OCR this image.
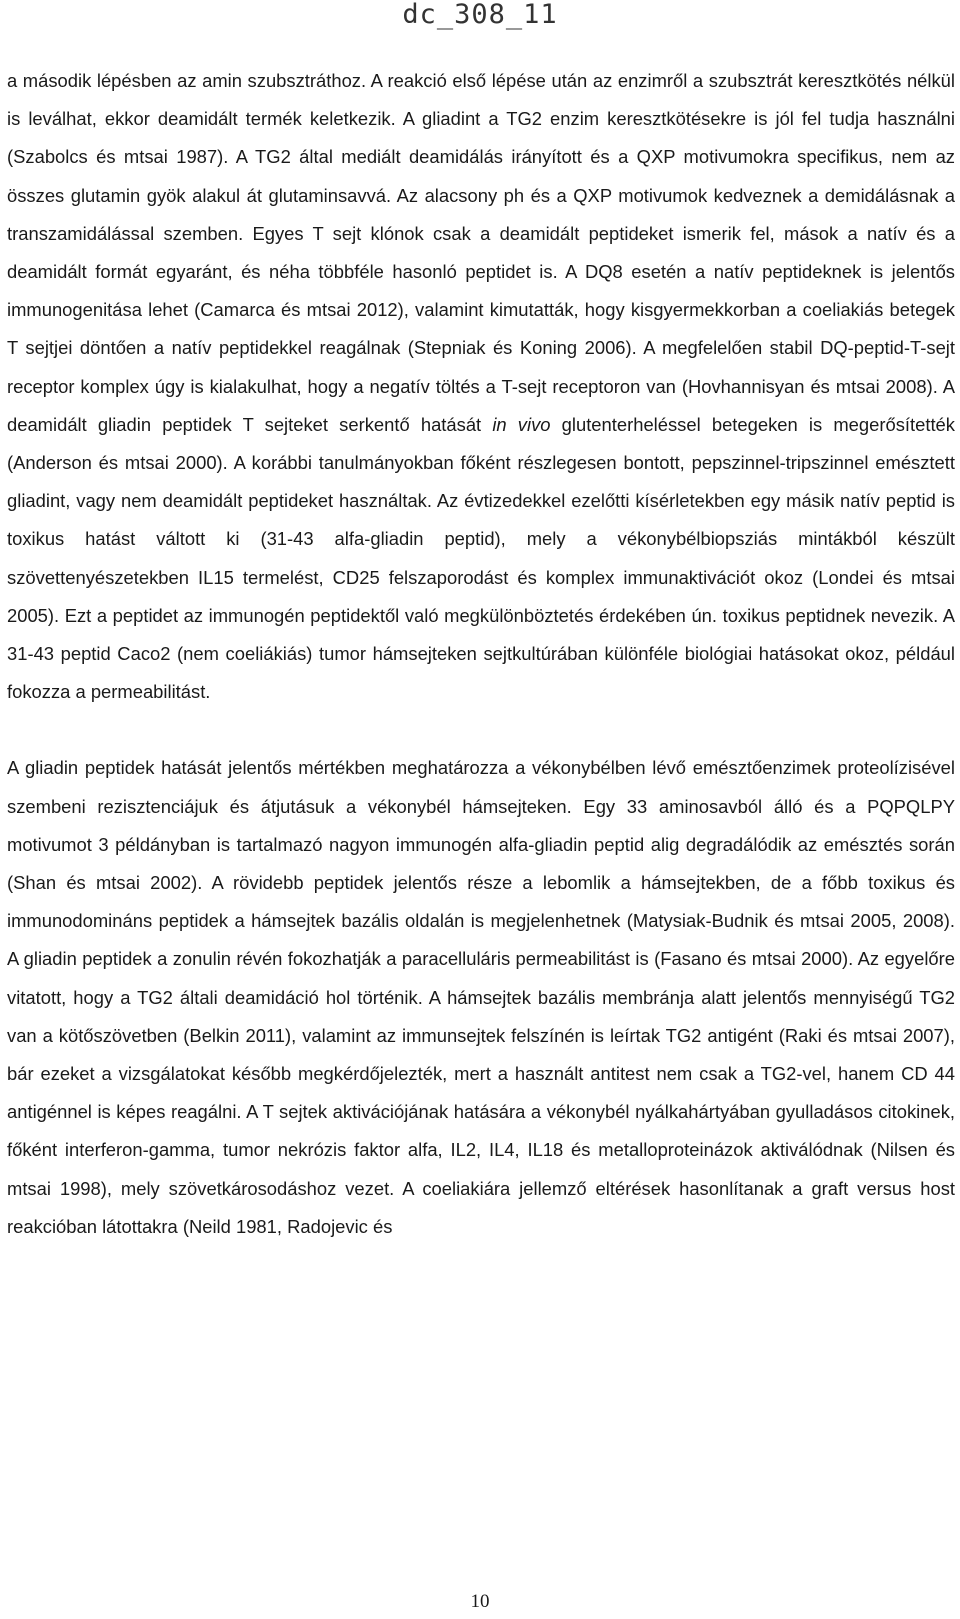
dc_308_11

a második lépésben az amin szubsztráthoz. A reakció első lépése után az enzimről a szubsztrát keresztkötés nélkül is leválhat, ekkor deamidált termék keletkezik. A gliadint a TG2 enzim keresztkötésekre is jól fel tudja használni (Szabolcs és mtsai 1987). A TG2 által mediált deamidálás irányított és a QXP motivumokra specifikus, nem az összes glutamin gyök alakul át glutaminsavvá. Az alacsony ph és a QXP motivumok kedveznek a demidálásnak a transzamidálással szemben. Egyes T sejt klónok csak a deamidált peptideket ismerik fel, mások a natív és a deamidált formát egyaránt, és néha többféle hasonló peptidet is. A DQ8 esetén a natív peptideknek is jelentős immunogenitása lehet (Camarca és mtsai 2012), valamint kimutatták, hogy kisgyermekkorban a coeliakiás betegek T sejtjei döntően a natív peptidekkel reagálnak (Stepniak és Koning 2006). A megfelelően stabil DQ-peptid-T-sejt receptor komplex úgy is kialakulhat, hogy a negatív töltés a T-sejt receptoron van (Hovhannisyan és mtsai 2008). A deamidált gliadin peptidek T sejteket serkentő hatását in vivo glutenterheléssel betegeken is megerősítették (Anderson és mtsai 2000). A korábbi tanulmányokban főként részlegesen bontott, pepszinnel-tripszinnel emésztett gliadint, vagy nem deamidált peptideket használtak. Az évtizedekkel ezelőtti kísérletekben egy másik natív peptid is toxikus hatást váltott ki (31-43 alfa-gliadin peptid), mely a vékonybélbiopsziás mintákból készült szövettenyészetekben IL15 termelést, CD25 felszaporodást és komplex immunaktivációt okoz (Londei és mtsai 2005). Ezt a peptidet az immunogén peptidektől való megkülönböztetés érdekében ún. toxikus peptidnek nevezik. A 31-43 peptid Caco2 (nem coeliákiás) tumor hámsejteken sejtkultúrában különféle biológiai hatásokat okoz, például fokozza a permeabilitást.

A gliadin peptidek hatását jelentős mértékben meghatározza a vékonybélben lévő emésztőenzimek proteolízisével szembeni rezisztenciájuk és átjutásuk a vékonybél hámsejteken. Egy 33 aminosavból álló és a PQPQLPY motivumot 3 példányban is tartalmazó nagyon immunogén alfa-gliadin peptid alig degradálódik az emésztés során (Shan és mtsai 2002). A rövidebb peptidek jelentős része a lebomlik a hámsejtekben, de a főbb toxikus és immunodomináns peptidek a hámsejtek bazális oldalán is megjelenhetnek (Matysiak-Budnik és mtsai 2005, 2008). A gliadin peptidek a zonulin révén fokozhatják a paracelluláris permeabilitást is (Fasano és mtsai 2000). Az egyelőre vitatott, hogy a TG2 általi deamidáció hol történik. A hámsejtek bazális membránja alatt jelentős mennyiségű TG2 van a kötőszövetben (Belkin 2011), valamint az immunsejtek felszínén is leírtak TG2 antigént (Raki és mtsai 2007), bár ezeket a vizsgálatokat később megkérdőjelezték, mert a használt antitest nem csak a TG2-vel, hanem CD 44 antigénnel is képes reagálni. A T sejtek aktivációjának hatására a vékonybél nyálkahártyában gyulladásos citokinek, főként interferon-gamma, tumor nekrózis faktor alfa, IL2, IL4, IL18 és metalloproteinázok aktiválódnak (Nilsen és mtsai 1998), mely szövetkárosodáshoz vezet. A coeliakiára jellemző eltérések hasonlítanak a graft versus host reakcióban látottakra (Neild 1981, Radojevic és

10
